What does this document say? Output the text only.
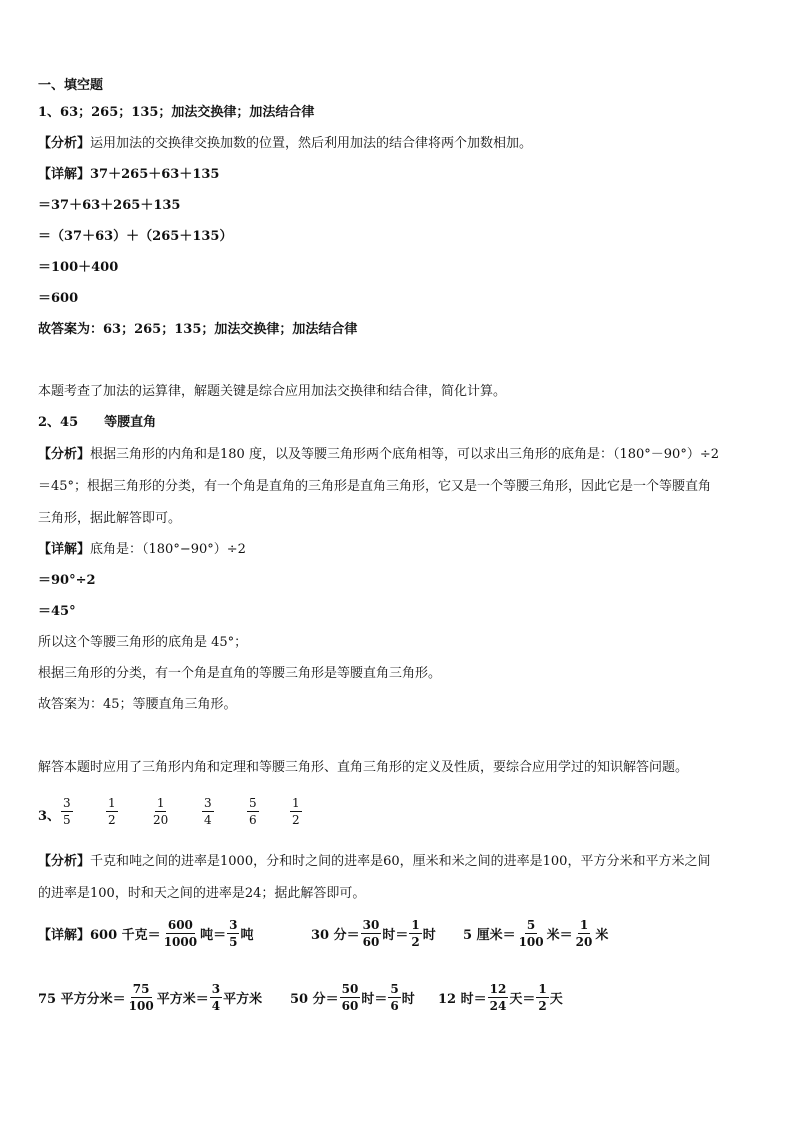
一、填空题
1、63；265；135；加法交换律；加法结合律
【分析】运用加法的交换律交换加数的位置，然后利用加法的结合律将两个加数相加。
【详解】37＋265＋63＋135
＝37＋63＋265＋135
＝（37＋63）＋（265＋135）
＝100＋400
＝600
故答案为：63；265；135；加法交换律；加法结合律
本题考查了加法的运算律，解题关键是综合应用加法交换律和结合律，简化计算。
2、45　　等腰直角
【分析】根据三角形的内角和是180 度，以及等腰三角形两个底角相等，可以求出三角形的底角是：（180°－90°）÷2
＝45°；根据三角形的分类，有一个角是直角的三角形是直角三角形，它又是一个等腰三角形，因此它是一个等腰直角
三角形，据此解答即可。
【详解】底角是：（180°−90°）÷2
＝90°÷2
＝45°
所以这个等腰三角形的底角是 45°；
根据三角形的分类，有一个角是直角的等腰三角形是等腰直角三角形。
故答案为：45；等腰直角三角形。
解答本题时应用了三角形内角和定理和等腰三角形、直角三角形的定义及性质，要综合应用学过的知识解答问题。
3、 $\frac{3}{5}$	$\frac{1}{2}$	$\frac{1}{20}$	$\frac{3}{4}$	$\frac{5}{6}$	$\frac{1}{2}$
【分析】千克和吨之间的进率是1000，分和时之间的进率是60，厘米和米之间的进率是100，平方分米和平方米之间
的进率是100，时和天之间的进率是24；据此解答即可。
【详解】 600 千克＝ $\frac{600}{1000}$ 吨＝ $\frac{3}{5}$ 吨	30 分＝ $\frac{30}{60}$ 时＝ $\frac{1}{2}$ 时 5 厘米＝ $\frac{5}{100}$ 米＝ $\frac{1}{20}$ 米
75 平方分米＝ $\frac{75}{100}$ 平方米＝ $\frac{3}{4}$ 平方米 50 分＝ $\frac{50}{60}$ 时＝ $\frac{5}{6}$ 时 12 时＝ $\frac{12}{24}$ 天＝ $\frac{1}{2}$ 天
